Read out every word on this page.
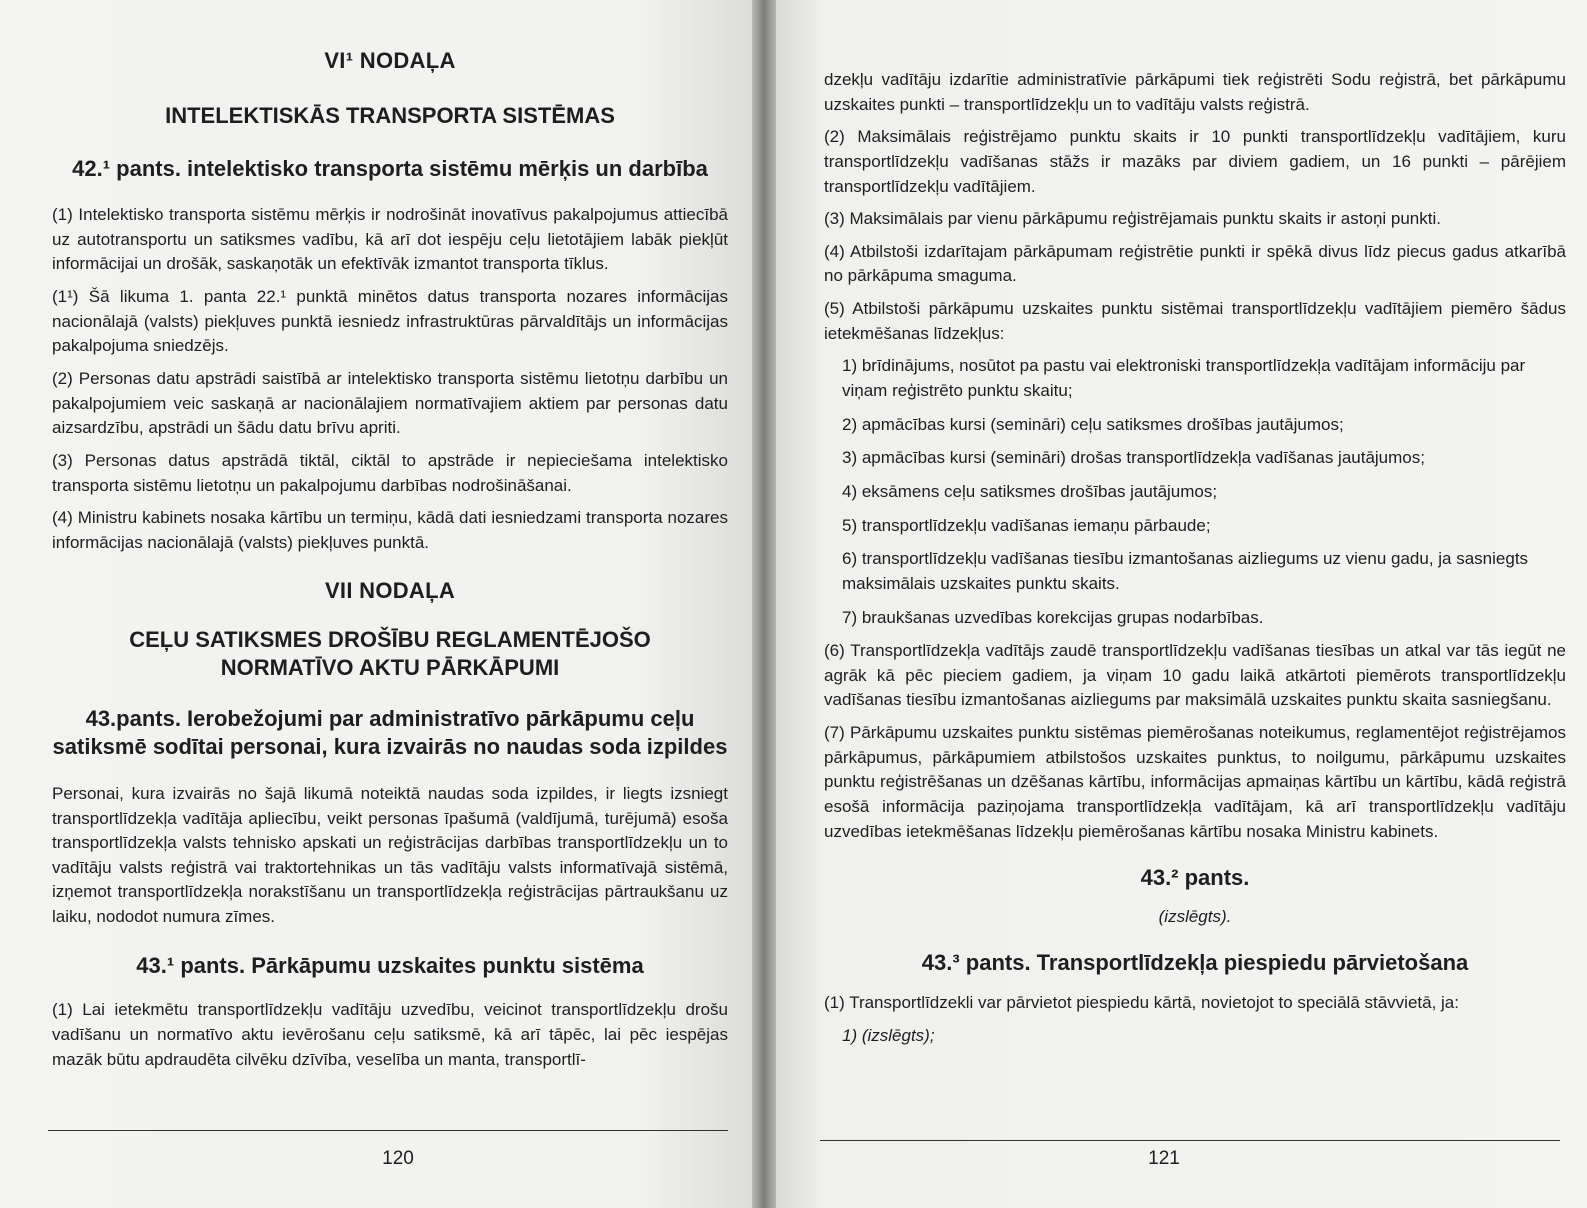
VI¹ NODAĻA
INTELEKTISKĀS TRANSPORTA SISTĒMAS
42.¹ pants. intelektisko transporta sistēmu mērķis un darbība

(1) Intelektisko transporta sistēmu mērķis ir nodrošināt inovatīvus pakalpojumus attiecībā uz autotransportu un satiksmes vadību, kā arī dot iespēju ceļu lietotājiem labāk piekļūt informācijai un drošāk, saskaņotāk un efektīvāk izmantot transporta tīklus.

(1¹) Šā likuma 1. panta 22.¹ punktā minētos datus transporta nozares informācijas nacionālajā (valsts) piekļuves punktā iesniedz infrastruktūras pārvaldītājs un informācijas pakalpojuma sniedzējs.

(2) Personas datu apstrādi saistībā ar intelektisko transporta sistēmu lietotņu darbību un pakalpojumiem veic saskaņā ar nacionālajiem normatīvajiem aktiem par personas datu aizsardzību, apstrādi un šādu datu brīvu apriti.

(3) Personas datus apstrādā tiktāl, ciktāl to apstrāde ir nepieciešama intelektisko transporta sistēmu lietotņu un pakalpojumu darbības nodrošināšanai.

(4) Ministru kabinets nosaka kārtību un termiņu, kādā dati iesniedzami transporta nozares informācijas nacionālajā (valsts) piekļuves punktā.

VII NODAĻA
CEĻU SATIKSMES DROŠĪBU REGLAMENTĒJOŠO NORMATĪVO AKTU PĀRKĀPUMI
43.pants. Ierobežojumi par administratīvo pārkāpumu ceļu satiksmē sodītai personai, kura izvairās no naudas soda izpildes

Personai, kura izvairās no šajā likumā noteiktā naudas soda izpildes, ir liegts izsniegt transportlīdzekļa vadītāja apliecību, veikt personas īpašumā (valdījumā, turējumā) esoša transportlīdzekļa valsts tehnisko apskati un reģistrācijas darbības transportlīdzekļu un to vadītāju valsts reģistrā vai traktortehnikas un tās vadītāju valsts informatīvajā sistēmā, izņemot transportlīdzekļa norakstīšanu un transportlīdzekļa reģistrācijas pārtraukšanu uz laiku, nododot numura zīmes.

43.¹ pants. Pārkāpumu uzskaites punktu sistēma

(1) Lai ietekmētu transportlīdzekļu vadītāju uzvedību, veicinot transportlīdzekļu drošu vadīšanu un normatīvo aktu ievērošanu ceļu satiksmē, kā arī tāpēc, lai pēc iespējas mazāk būtu apdraudēta cilvēku dzīvība, veselība un manta, transportlī-

120

dzekļu vadītāju izdarītie administratīvie pārkāpumi tiek reģistrēti Sodu reģistrā, bet pārkāpumu uzskaites punkti – transportlīdzekļu un to vadītāju valsts reģistrā.

(2) Maksimālais reģistrējamo punktu skaits ir 10 punkti transportlīdzekļu vadītājiem, kuru transportlīdzekļu vadīšanas stāžs ir mazāks par diviem gadiem, un 16 punkti – pārējiem transportlīdzekļu vadītājiem.

(3) Maksimālais par vienu pārkāpumu reģistrējamais punktu skaits ir astoņi punkti.

(4) Atbilstoši izdarītajam pārkāpumam reģistrētie punkti ir spēkā divus līdz piecus gadus atkarībā no pārkāpuma smaguma.

(5) Atbilstoši pārkāpumu uzskaites punktu sistēmai transportlīdzekļu vadītājiem piemēro šādus ietekmēšanas līdzekļus:

1) brīdinājums, nosūtot pa pastu vai elektroniski transportlīdzekļa vadītājam informāciju par viņam reģistrēto punktu skaitu;

2) apmācības kursi (semināri) ceļu satiksmes drošības jautājumos;

3) apmācības kursi (semināri) drošas transportlīdzekļa vadīšanas jautājumos;

4) eksāmens ceļu satiksmes drošības jautājumos;

5) transportlīdzekļu vadīšanas iemaņu pārbaude;

6) transportlīdzekļu vadīšanas tiesību izmantošanas aizliegums uz vienu gadu, ja sasniegts maksimālais uzskaites punktu skaits.

7) braukšanas uzvedības korekcijas grupas nodarbības.

(6) Transportlīdzekļa vadītājs zaudē transportlīdzekļu vadīšanas tiesības un atkal var tās iegūt ne agrāk kā pēc pieciem gadiem, ja viņam 10 gadu laikā atkārtoti piemērots transportlīdzekļu vadīšanas tiesību izmantošanas aizliegums par maksimālā uzskaites punktu skaita sasniegšanu.

(7) Pārkāpumu uzskaites punktu sistēmas piemērošanas noteikumus, reglamentējot reģistrējamos pārkāpumus, pārkāpumiem atbilstošos uzskaites punktus, to noilgumu, pārkāpumu uzskaites punktu reģistrēšanas un dzēšanas kārtību, informācijas apmaiņas kārtību un kārtību, kādā reģistrā esošā informācija paziņojama transportlīdzekļa vadītājam, kā arī transportlīdzekļu vadītāju uzvedības ietekmēšanas līdzekļu piemērošanas kārtību nosaka Ministru kabinets.

43.² pants.
(izslēgts).
43.³ pants. Transportlīdzekļa piespiedu pārvietošana

(1) Transportlīdzekli var pārvietot piespiedu kārtā, novietojot to speciālā stāvvietā, ja:

1) (izslēgts);

121
